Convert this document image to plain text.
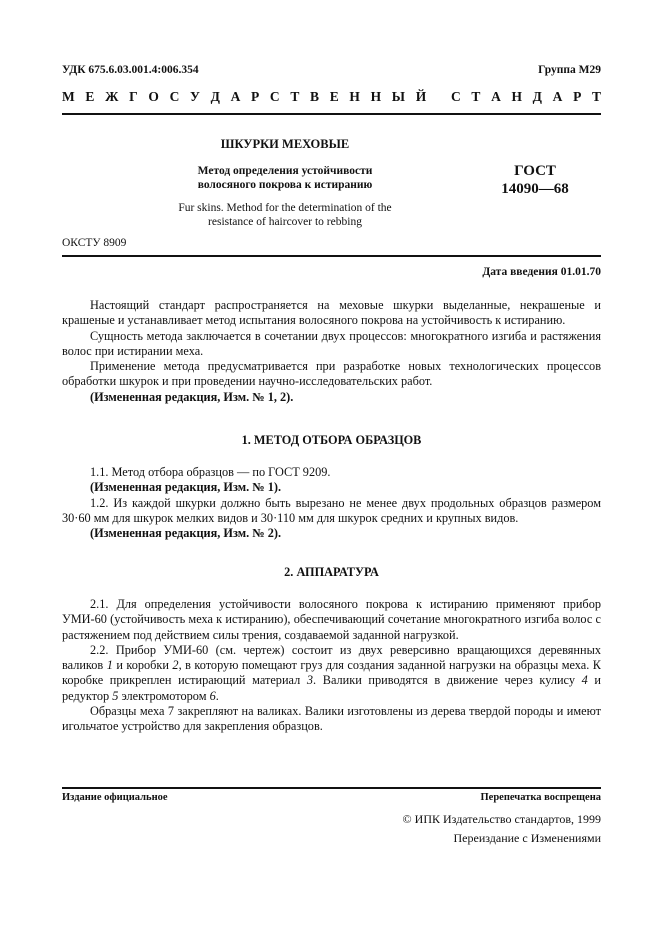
УДК 675.6.03.001.4:006.354	Группа М29
М Е Ж Г О С У Д А Р С Т В Е Н Н Ы Й
С Т А Н Д А Р Т
ШКУРКИ МЕХОВЫЕ
Метод определения устойчивости
волосяного покрова к истиранию
ГОСТ
14090—68
Fur skins. Method for the determination of the
resistance of haircover to rebbing
ОКСТУ 8909
Дата введения 01.01.70

Настоящий стандарт распространяется на меховые шкурки выделанные, некрашеные и крашеные и устанавливает метод испытания волосяного покрова на устойчивость к истиранию.

Сущность метода заключается в сочетании двух процессов: многократного изгиба и растяжения волос при истирании меха.

Применение метода предусматривается при разработке новых технологических процессов обработки шкурок и при проведении научно-исследовательских работ.

(Измененная редакция, Изм. № 1, 2).

1. МЕТОД ОТБОРА ОБРАЗЦОВ

1.1. Метод отбора образцов — по ГОСТ 9209.

(Измененная редакция, Изм. № 1).

1.2. Из каждой шкурки должно быть вырезано не менее двух продольных образцов размером 30·60 мм для шкурок мелких видов и 30·110 мм для шкурок средних и крупных видов.

(Измененная редакция, Изм. № 2).

2. АППАРАТУРА

2.1. Для определения устойчивости волосяного покрова к истиранию применяют прибор УМИ-60 (устойчивость меха к истиранию), обеспечивающий сочетание многократного изгиба волос с растяжением под действием силы трения, создаваемой заданной нагрузкой.

2.2. Прибор УМИ-60 (см. чертеж) состоит из двух реверсивно вращающихся деревянных валиков 1 и коробки 2, в которую помещают груз для создания заданной нагрузки на образцы меха. К коробке прикреплен истирающий материал 3. Валики приводятся в движение через кулису 4 и редуктор 5 электромотором 6.

Образцы меха 7 закрепляют на валиках. Валики изготовлены из дерева твердой породы и имеют игольчатое устройство для закрепления образцов.

Издание официальное	Перепечатка воспрещена
© ИПК Издательство стандартов, 1999
Переиздание с Изменениями
